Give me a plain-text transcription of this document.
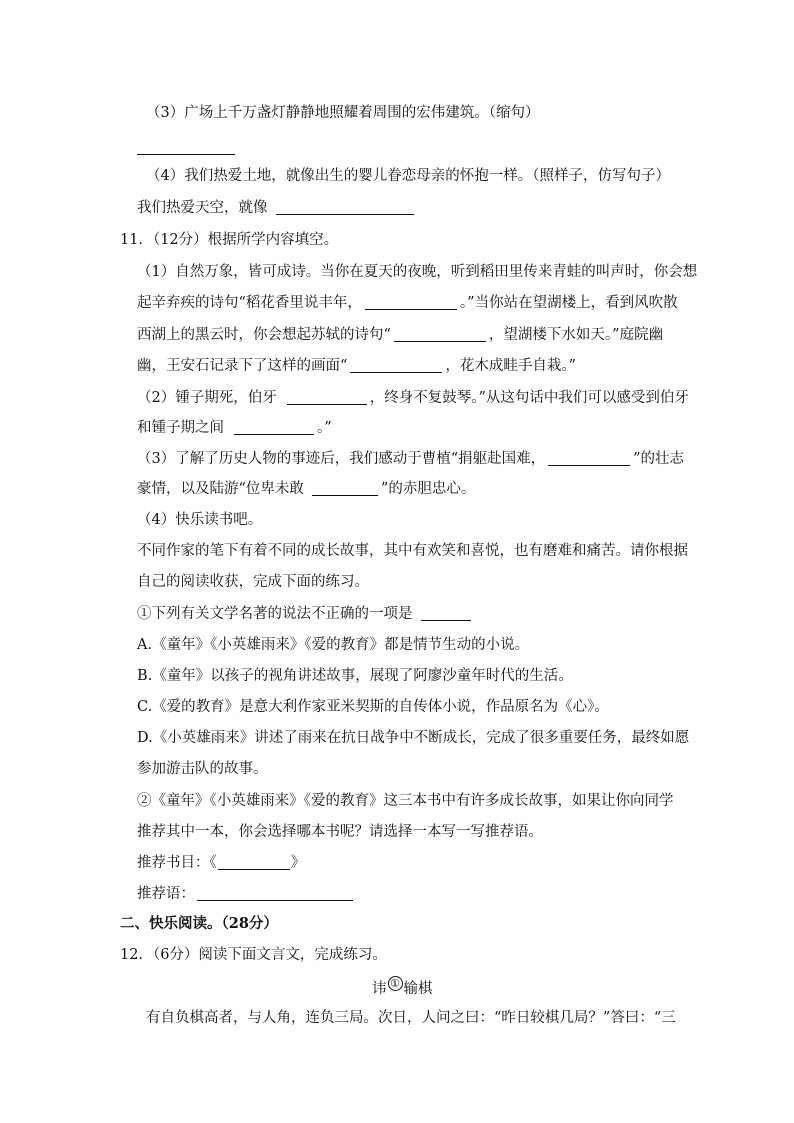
（3）广场上千万盏灯静静地照耀着周围的宏伟建筑。（缩句）
（4）我们热爱土地，就像出生的婴儿眷恋母亲的怀抱一样。（照样子，仿写句子）
我们热爱天空，就像
11．（12分）根据所学内容填空。
（1）自然万象，皆可成诗。当你在夏天的夜晚，听到稻田里传来青蛙的叫声时，你会想
起辛弃疾的诗句“稻花香里说丰年，	。”当你站在望湖楼上，看到风吹散
西湖上的黑云时，你会想起苏轼的诗句“	，望湖楼下水如天。”庭院幽
幽，王安石记录下了这样的画面“	，花木成畦手自栽。”
（2）锺子期死，伯牙	，终身不复鼓琴。”从这句话中我们可以感受到伯牙
和锺子期之间	。”
（3）了解了历史人物的事迹后，我们感动于曹植“捐躯赴国难，	”的壮志
豪情，以及陆游“位卑未敢	”的赤胆忠心。
（4）快乐读书吧。
不同作家的笔下有着不同的成长故事，其中有欢笑和喜悦，也有磨难和痛苦。请你根据
自己的阅读收获，完成下面的练习。
①下列有关文学名著的说法不正确的一项是
A.《童年》《小英雄雨来》《爱的教育》都是情节生动的小说。
B.《童年》以孩子的视角讲述故事，展现了阿廖沙童年时代的生活。
C.《爱的教育》是意大利作家亚米契斯的自传体小说，作品原名为《心》。
D.《小英雄雨来》讲述了雨来在抗日战争中不断成长，完成了很多重要任务，最终如愿
参加游击队的故事。
②《童年》《小英雄雨来》《爱的教育》这三本书中有许多成长故事，如果让你向同学
推荐其中一本，你会选择哪本书呢？请选择一本写一写推荐语。
推荐书目：《	》
推荐语：
二、快乐阅读。（28分）
12．（6分）阅读下面文言文，完成练习。
讳 ① 输棋
有自负棋高者，与人角，连负三局。次日，人问之曰：“昨日较棋几局？”答曰：“三
